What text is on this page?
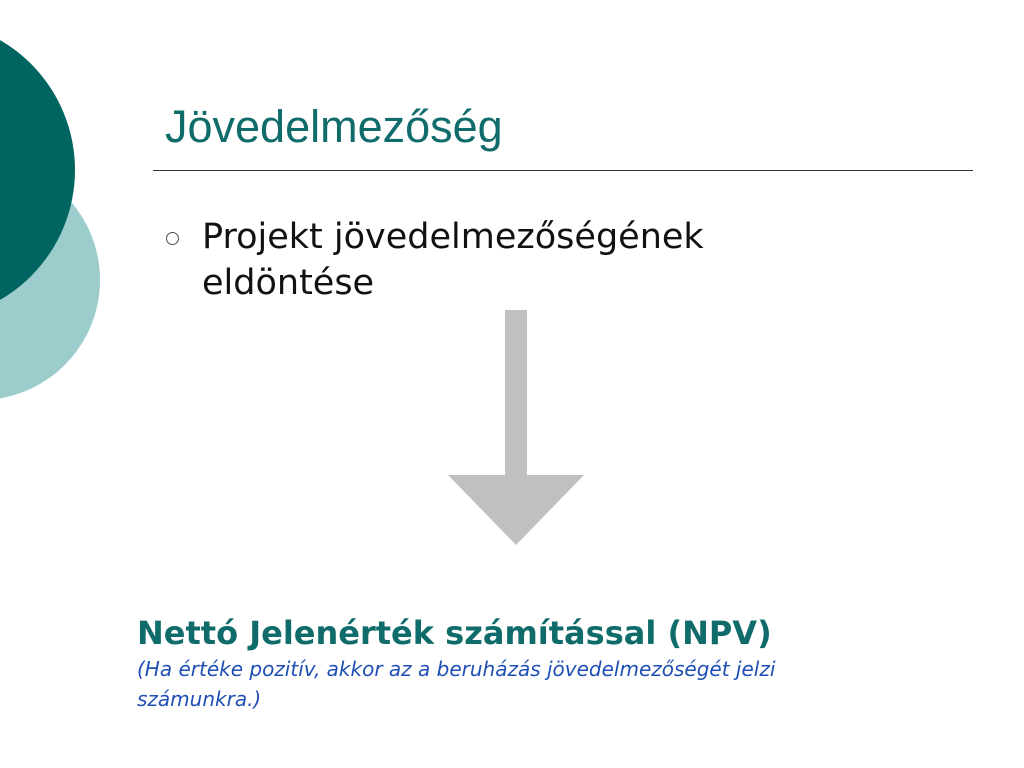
Jövedelmezőség
Projekt jövedelmezőségének eldöntése
Nettó Jelenérték számítással (NPV)
(Ha értéke pozitív, akkor az a beruházás jövedelmezőségét jelzi számunkra.)
